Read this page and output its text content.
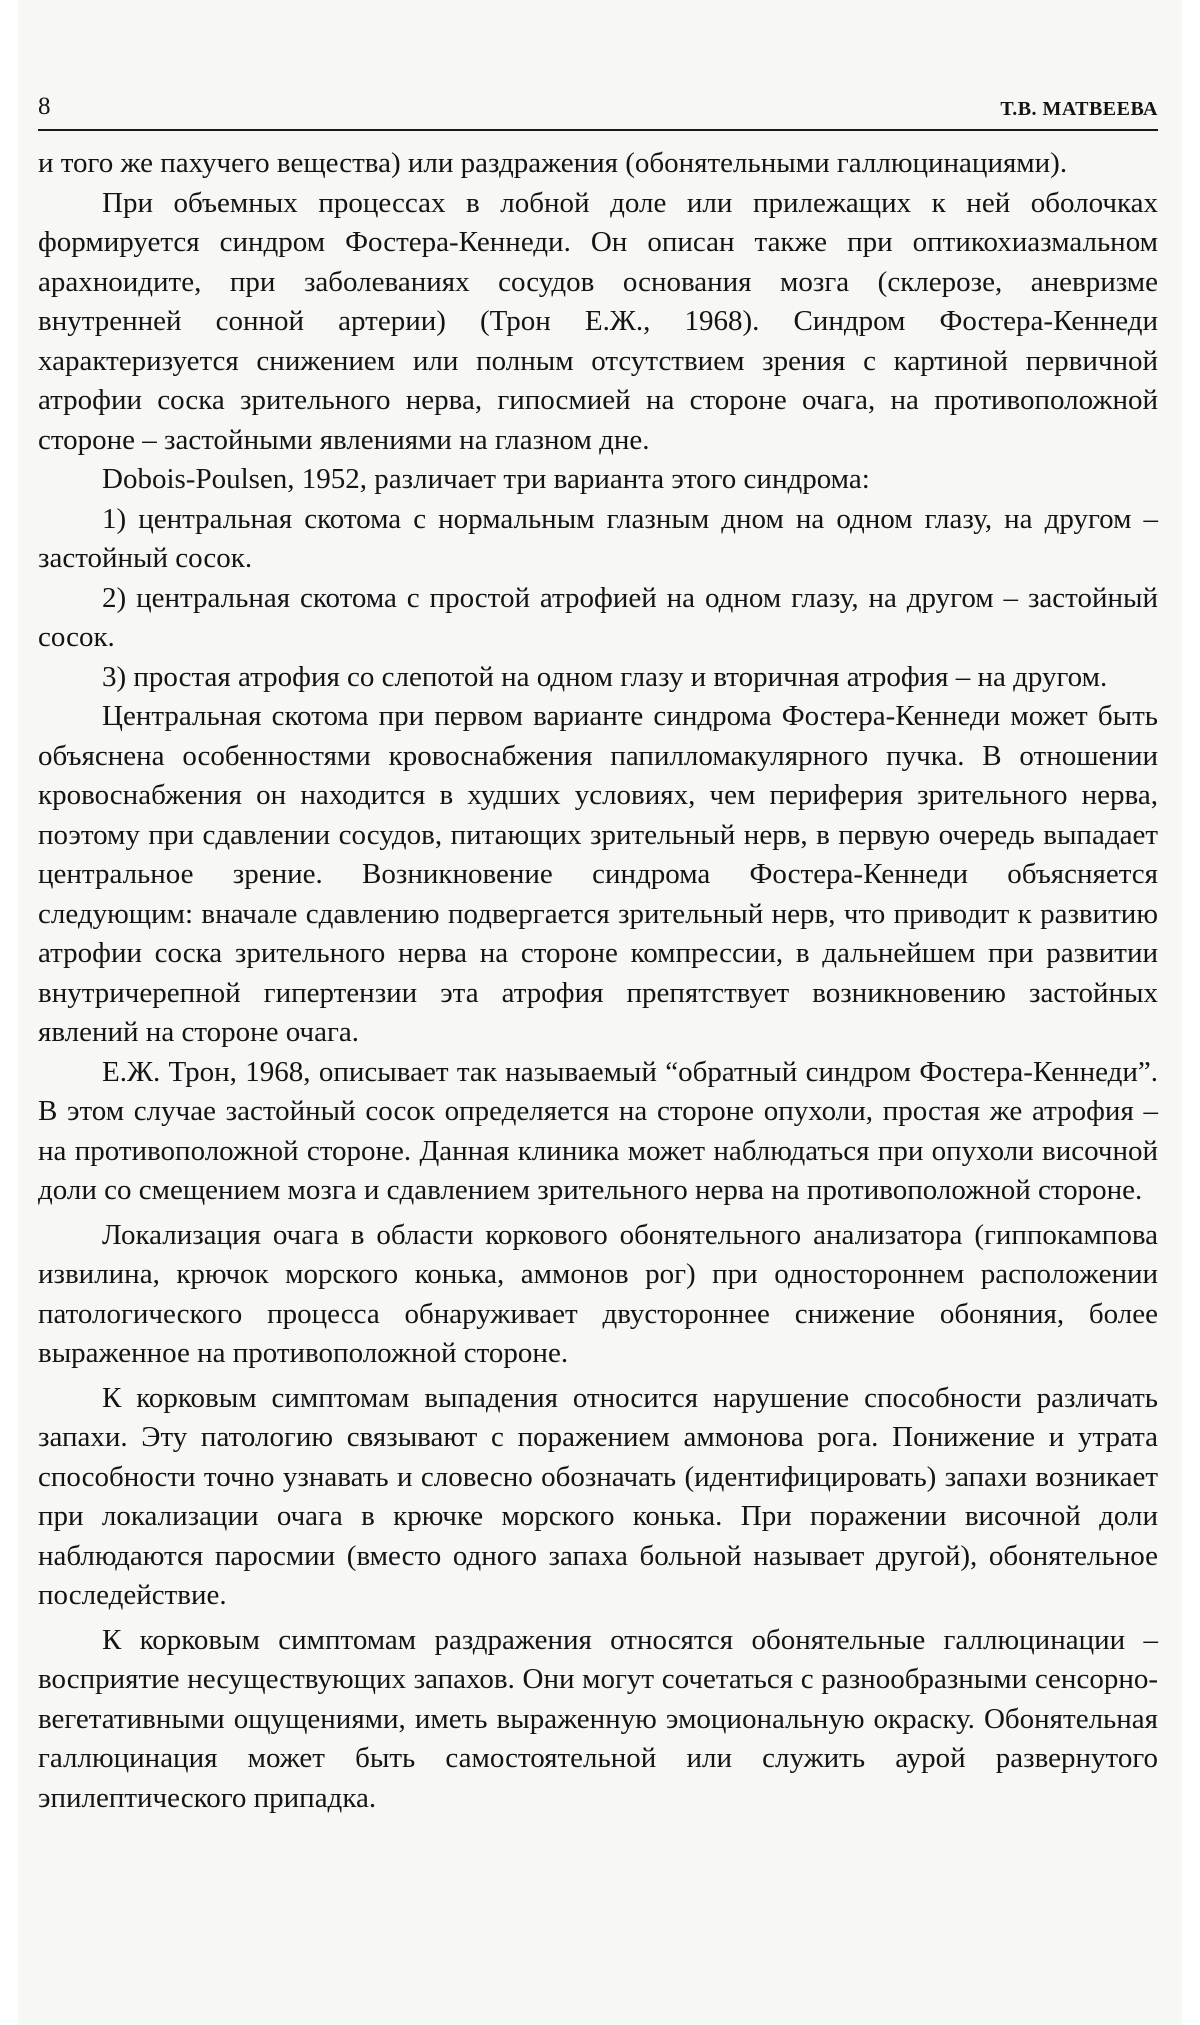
8	Т.В. МАТВЕЕВА

и того же пахучего вещества) или раздражения (обонятельными галлюцинациями).

При объемных процессах в лобной доле или прилежащих к ней оболочках формируется синдром Фостера-Кеннеди. Он описан также при оптикохиазмальном арахноидите, при заболеваниях сосудов основания мозга (склерозе, аневризме внутренней сонной артерии) (Трон Е.Ж., 1968). Синдром Фостера-Кеннеди характеризуется снижением или полным отсутствием зрения с картиной первичной атрофии соска зрительного нерва, гипосмией на стороне очага, на противоположной стороне – застойными явлениями на глазном дне.

Dobois-Poulsen, 1952, различает три варианта этого синдрома:

1) центральная скотома с нормальным глазным дном на одном глазу, на другом – застойный сосок.

2) центральная скотома с простой атрофией на одном глазу, на другом – застойный сосок.

3) простая атрофия со слепотой на одном глазу и вторичная атрофия – на другом.

Центральная скотома при первом варианте синдрома Фостера-Кеннеди может быть объяснена особенностями кровоснабжения папилломакулярного пучка. В отношении кровоснабжения он находится в худших условиях, чем периферия зрительного нерва, поэтому при сдавлении сосудов, питающих зрительный нерв, в первую очередь выпадает центральное зрение. Возникновение синдрома Фостера-Кеннеди объясняется следующим: вначале сдавлению подвергается зрительный нерв, что приводит к развитию атрофии соска зрительного нерва на стороне компрессии, в дальнейшем при развитии внутричерепной гипертензии эта атрофия препятствует возникновению застойных явлений на стороне очага.

Е.Ж. Трон, 1968, описывает так называемый “обратный синдром Фостера-Кеннеди”. В этом случае застойный сосок определяется на стороне опухоли, простая же атрофия – на противоположной стороне. Данная клиника может наблюдаться при опухоли височной доли со смещением мозга и сдавлением зрительного нерва на противоположной стороне.

Локализация очага в области коркового обонятельного анализатора (гиппокампова извилина, крючок морского конька, аммонов рог) при одностороннем расположении патологического процесса обнаруживает двустороннее снижение обоняния, более выраженное на противоположной стороне.

К корковым симптомам выпадения относится нарушение способности различать запахи. Эту патологию связывают с поражением аммонова рога. Понижение и утрата способности точно узнавать и словесно обозначать (идентифицировать) запахи возникает при локализации очага в крючке морского конька. При поражении височной доли наблюдаются паросмии (вместо одного запаха больной называет другой), обонятельное последействие.

К корковым симптомам раздражения относятся обонятельные галлюцинации – восприятие несуществующих запахов. Они могут сочетаться с разнообразными сенсорно-вегетативными ощущениями, иметь выраженную эмоциональную окраску. Обонятельная галлюцинация может быть самостоятельной или служить аурой развернутого эпилептического припадка.
